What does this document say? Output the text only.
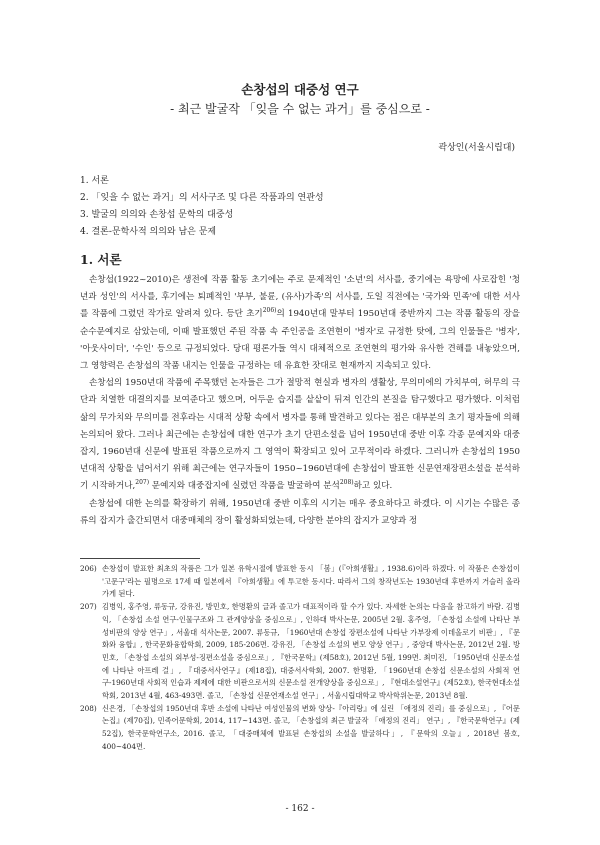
손창섭의 대중성 연구
- 최근 발굴작 「잊을 수 없는 과거」를 중심으로 -
곽상인(서울시립대)
1. 서론
2. 「잊을 수 없는 과거」의 서사구조 및 다른 작품과의 연관성
3. 발굴의 의의와 손창섭 문학의 대중성
4. 결론-문학사적 의의와 남은 문제
1. 서론

손창섭(1922~2010)은 생전에 작품 활동 초기에는 주로 문제적인 '소년'의 서사를, 중기에는 욕망에 사로잡힌 '청년과 성인'의 서사를, 후기에는 퇴폐적인 '부부, 불륜, (유사)가족'의 서사를, 도일 직전에는 '국가와 민족'에 대한 서사를 작품에 그렸던 작가로 알려져 있다. 등단 초기$^{206)}$의 1940년대 말부터 1950년대 중반까지 그는 작품 활동의 장을 순수문예지로 삼았는데, 이때 발표했던 주된 작품 속 주인공을 조연현이 '병자'로 규정한 탓에, 그의 인물들은 '병자', '아웃사이더', '수인' 등으로 규정되었다. 당대 평론가들 역시 대체적으로 조연현의 평가와 유사한 견해를 내놓았으며, 그 영향력은 손창섭의 작품 내지는 인물을 규정하는 데 유효한 잣대로 현재까지 지속되고 있다.

손창섭의 1950년대 작품에 주목했던 논자들은 그가 절망적 현실과 병자의 생활상, 무의미에의 가치부여, 허무의 극단과 치열한 대결의지를 보여준다고 했으며, 어두운 습지를 샅샅이 뒤져 인간의 본질을 탐구했다고 평가했다. 이처럼 삶의 무가치와 무의미를 전후라는 시대적 상황 속에서 병자를 통해 발견하고 있다는 점은 대부분의 초기 평자들에 의해 논의되어 왔다. 그러나 최근에는 손창섭에 대한 연구가 초기 단편소설을 넘어 1950년대 중반 이후 각종 문예지와 대중잡지, 1960년대 신문에 발표된 작품으로까지 그 영역이 확장되고 있어 고무적이라 하겠다. 그러니까 손창섭의 1950년대적 상황을 넘어서기 위해 최근에는 연구자들이 1950~1960년대에 손창섭이 발표한 신문연재장편소설을 분석하기 시작하거나,$^{207)}$ 문예지와 대중잡지에 실렸던 작품을 발굴하여 분석$^{208)}$하고 있다.

손창섭에 대한 논의를 확장하기 위해, 1950년대 중반 이후의 시기는 매우 중요하다고 하겠다. 이 시기는 수많은 종류의 잡지가 출간되면서 대중매체의 장이 활성화되었는데, 다양한 분야의 잡지가 교양과 정

206) 손창섭이 발표한 최초의 작품은 그가 일본 유학시절에 발표한 동시 「봄」(『아희생활』, 1938.6)이라 하겠다. 이 작품은 손창섭이 '고문구'라는 필명으로 17세 때 일본에서 『아희생활』에 투고한 동시다. 따라서 그의 창작년도는 1930년대 후반까지 거슬러 올라가게 된다.
207) 김병익, 홍주영, 류동규, 강유진, 방민호, 한명환의 글과 졸고가 대표적이라 할 수가 있다. 자세한 논의는 다음을 참고하기 바람. 김병익, 「손창섭 소설 연구-인물구조와 그 관계양상을 중심으로」, 인하대 박사논문, 2005년 2월. 홍주영, 「손창섭 소설에 나타난 부성비판의 양상 연구」, 서울대 석사논문, 2007. 류동규, 「1960년대 손창섭 장편소설에 나타난 가부장제 이데올로기 비판」, 『문화와 융합』, 한국문화융합학회, 2009, 185-206면. 강유진, 「손창섭 소설의 변모 양상 연구」, 중앙대 박사논문, 2012년 2월. 방민호, 「손창섭 소설의 외부성-징편소설을 중심으로」, 『한국문학』(제58호), 2012년 5월, 199면. 최미진, 「1950년대 신문소설에 나타난 아프레 걸」, 『대중서사연구』(제18집), 대중서사학회, 2007. 한명환, 「1960년대 손창섭 신문소설의 사회적 연구-1960년대 사회적 인습과 제제에 대한 비판으로서의 신문소설 전개양상을 중심으로」, 『현대소설연구』(제52호), 한국현대소설학회, 2013년 4월, 463-493면. 졸고, 「손창섭 신문연재소설 연구」, 서울시립대학교 박사학위논문, 2013년 8월.
208) 신은경, 「손창섭의 1950년대 후반 소설에 나타난 여성인물의 변화 양상-『아리랑』에 실린 「애정의 진리」를 중심으로」, 『어문논집』(제70집), 민족어문학회, 2014, 117~143면. 졸고, 「손창섭의 최근 발굴작 「애정의 진리」 연구」, 『한국문학연구』(제52집), 한국문학연구소, 2016. 졸고, 「대중매체에 발표된 손창섭의 소설을 발굴하다」, 『문학의 오늘』, 2018년 봄호, 400~404면.
- 162 -
